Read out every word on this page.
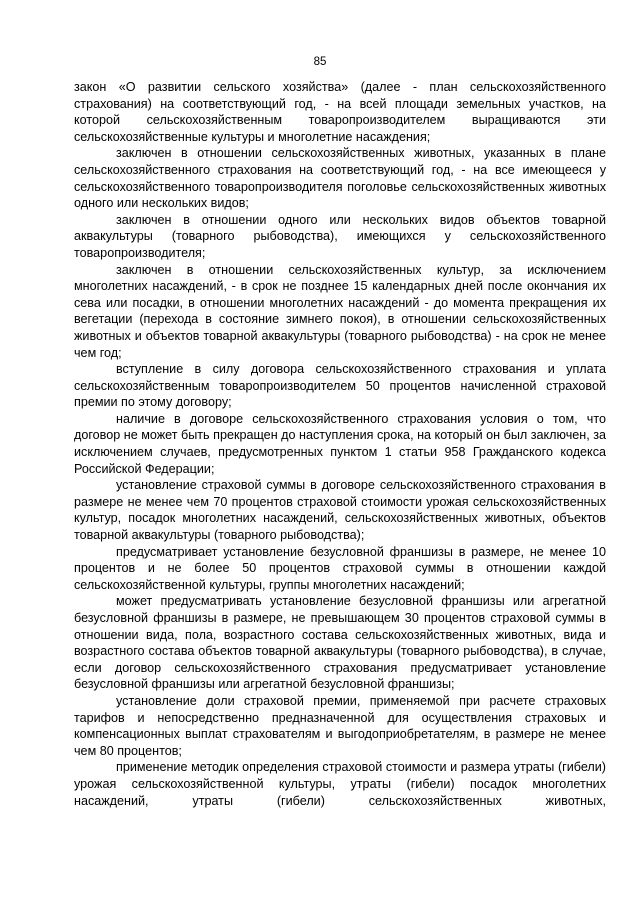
85

закон «О развитии сельского хозяйства» (далее - план сельскохозяйственного страхования) на соответствующий год, - на всей площади земельных участков, на которой сельскохозяйственным товаропроизводителем выращиваются эти сельскохозяйственные культуры и многолетние насаждения;

заключен в отношении сельскохозяйственных животных, указанных в плане сельскохозяйственного страхования на соответствующий год, - на все имеющееся у сельскохозяйственного товаропроизводителя поголовье сельскохозяйственных животных одного или нескольких видов;

заключен в отношении одного или нескольких видов объектов товарной аквакультуры (товарного рыбоводства), имеющихся у сельскохозяйственного товаропроизводителя;

заключен в отношении сельскохозяйственных культур, за исключением многолетних насаждений, - в срок не позднее 15 календарных дней после окончания их сева или посадки, в отношении многолетних насаждений - до момента прекращения их вегетации (перехода в состояние зимнего покоя), в отношении сельскохозяйственных животных и объектов товарной аквакультуры (товарного рыбоводства) - на срок не менее чем год;

вступление в силу договора сельскохозяйственного страхования и уплата сельскохозяйственным товаропроизводителем 50 процентов начисленной страховой премии по этому договору;

наличие в договоре сельскохозяйственного страхования условия о том, что договор не может быть прекращен до наступления срока, на который он был заключен, за исключением случаев, предусмотренных пунктом 1 статьи 958 Гражданского кодекса Российской Федерации;

установление страховой суммы в договоре сельскохозяйственного страхования в размере не менее чем 70 процентов страховой стоимости урожая сельскохозяйственных культур, посадок многолетних насаждений, сельскохозяйственных животных, объектов товарной аквакультуры (товарного рыбоводства);

предусматривает установление безусловной франшизы в размере, не менее 10 процентов и не более 50 процентов страховой суммы в отношении каждой сельскохозяйственной культуры, группы многолетних насаждений;

может предусматривать установление безусловной франшизы или агрегатной безусловной франшизы в размере, не превышающем 30 процентов страховой суммы в отношении вида, пола, возрастного состава сельскохозяйственных животных, вида и возрастного состава объектов товарной аквакультуры (товарного рыбоводства), в случае, если договор сельскохозяйственного страхования предусматривает установление безусловной франшизы или агрегатной безусловной франшизы;

установление доли страховой премии, применяемой при расчете страховых тарифов и непосредственно предназначенной для осуществления страховых и компенсационных выплат страхователям и выгодоприобретателям, в размере не менее чем 80 процентов;

применение методик определения страховой стоимости и размера утраты (гибели) урожая сельскохозяйственной культуры, утраты (гибели) посадок многолетних насаждений, утраты (гибели) сельскохозяйственных животных,
